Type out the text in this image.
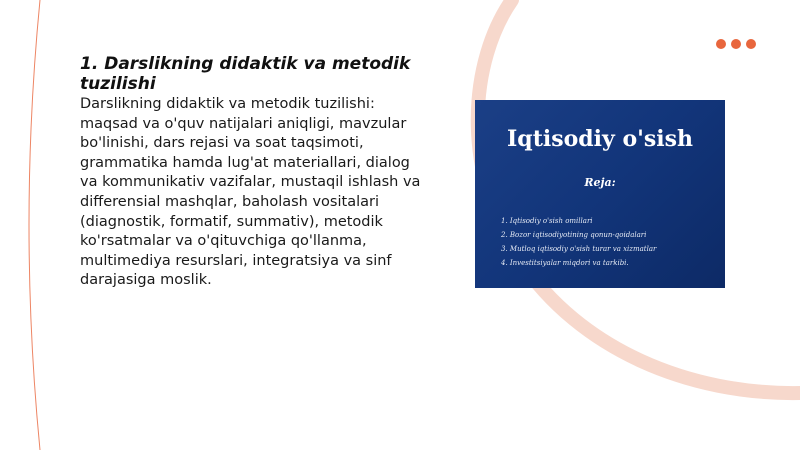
1. Darslikning didaktik va metodik tuzilishi

Darslikning didaktik va metodik tuzilishi: maqsad va o'quv natijalari aniqligi, mavzular bo'linishi, dars rejasi va soat taqsimoti, grammatika hamda lug'at materiallari, dialog va kommunikativ vazifalar, mustaqil ishlash va differensial mashqlar, baholash vositalari (diagnostik, formatif, summativ), metodik ko'rsatmalar va o'qituvchiga qo'llanma, multimediya resurslari, integratsiya va sinf darajasiga moslik.

Iqtisodiy o'sish
Reja:
1. Iqtisodiy o'sish omillari
2. Bozor iqtisodiyotining qonun-qoidalari
3. Mutloq iqtisodiy o'sish turar va xizmatlar
4. Investitsiyalar miqdori va tarkibi.
